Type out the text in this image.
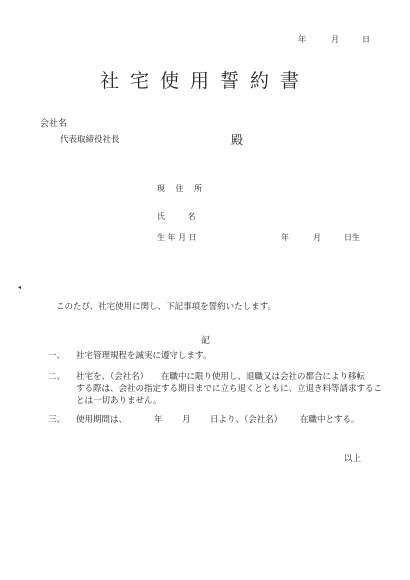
年	月	日
社宅使用誓約書
会社名
代表取締役社長	殿
現 住 所
氏 名
生 年 月 日	年	月	日生
◂
このたび、社宅使用に関し、下記事項を誓約いたします。
記
一、 社宅管理規程を誠実に遵守します。
二、 社宅を、（会社名）　　在職中に限り使用し、退職又は会社の都合により移転
する際は、会社の指定する期日までに立ち退くとともに、立退き料等請求するこ
とは一切ありません。
三、 使用期間は、	年 月 日より、（会社名） 在職中とする。
以上
